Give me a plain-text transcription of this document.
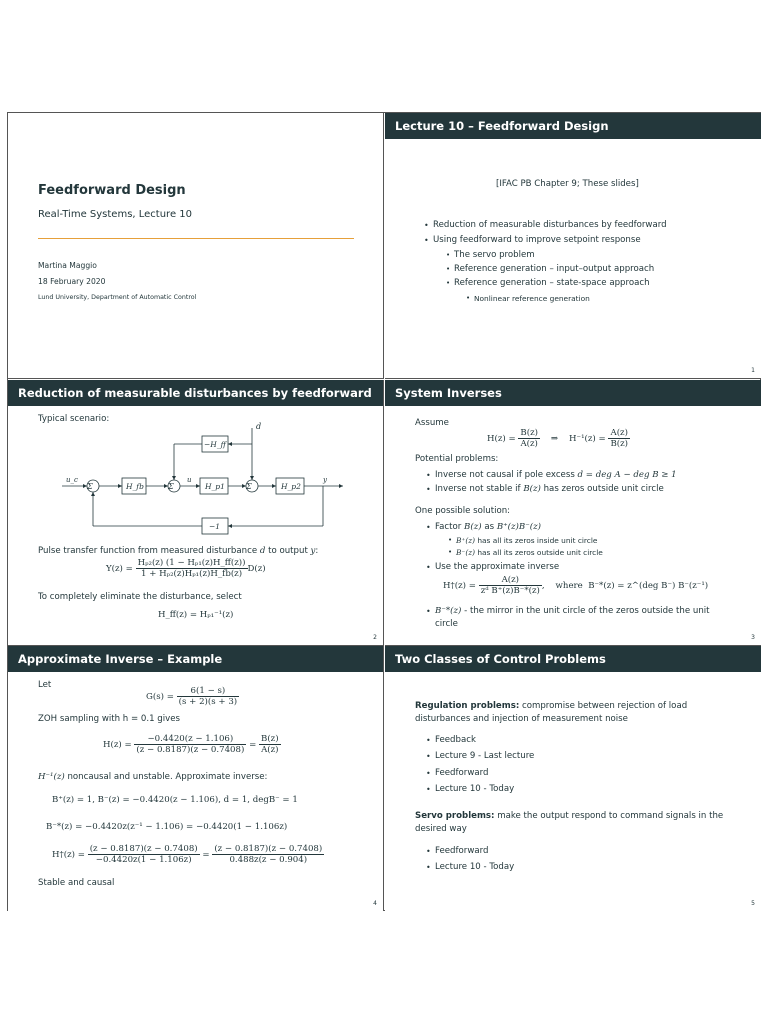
Feedforward Design
Real-Time Systems, Lecture 10
Martina Maggio
18 February 2020
Lund University, Department of Automatic Control
Lecture 10 – Feedforward Design
[IFAC PB Chapter 9; These slides]
• Reduction of measurable disturbances by feedforward
• Using feedforward to improve setpoint response
• The servo problem
• Reference generation – input–output approach
• Reference generation – state-space approach
• Nonlinear reference generation
1
Reduction of measurable disturbances by feedforward
Typical scenario:
Σ	Σ	Σ
H_fb	H_p1	H_p2
−H_ff
−1
d
u_c	u	y
Pulse transfer function from measured disturbance d to output y:
$Y(z) = \frac{\text{Hₚ₂(z) (1 − Hₚ₁(z)H\_ff(z))}}{\text{1 + Hₚ₂(z)Hₚ₁(z)H\_fb(z)}} D(z)$
To completely eliminate the disturbance, select
H_ff(z) = Hₚ₁⁻¹(z)
2
System Inverses
Assume
$H(z) = \frac{B(z)}{A(z)}$ ⇒ $H^{-1}(z) = \frac{A(z)}{B(z)}$
Potential problems:
• Inverse not causal if pole excess d = deg A − deg B ≥ 1
• Inverse not stable if B(z) has zeros outside unit circle
One possible solution:
• Factor B(z) as B⁺(z)B⁻(z)
• B⁺(z) has all its zeros inside unit circle
• B⁻(z) has all its zeros outside unit circle
• Use the approximate inverse
H†(z) = $\frac{A(z)}{\text{zᵈ B⁺(z)B⁻*(z)}}$ ,    where B⁻*(z) = z^(deg B⁻) B⁻(z⁻¹)
• B⁻*(z) - the mirror in the unit circle of the zeros outside the unit
circle
3
Approximate Inverse – Example
Let
$G(s) = \frac{6(1 - s)}{(s + 2)(s + 3)}$
ZOH sampling with h = 0.1 gives
$H(z) = \frac{-0.4420(z - 1.106)}{(z - 0.8187)(z - 0.7408)} = \frac{B(z)}{A(z)}$
H⁻¹(z) noncausal and unstable. Approximate inverse:
B⁺(z) = 1, B⁻(z) = −0.4420(z − 1.106), d = 1, degB⁻ = 1
B⁻*(z) = −0.4420z(z⁻¹ − 1.106) = −0.4420(1 − 1.106z)
H†(z) = $\frac{(z - 0.8187)(z - 0.7408)}{-0.4420z(1 - 1.106z)} = \frac{(z - 0.8187)(z - 0.7408)}{0.488z(z - 0.904)}$
Stable and causal
4
Two Classes of Control Problems
Regulation problems: compromise between rejection of load
disturbances and injection of measurement noise
• Feedback
• Lecture 9 - Last lecture
• Feedforward
• Lecture 10 - Today
Servo problems: make the output respond to command signals in the
desired way
• Feedforward
• Lecture 10 - Today
5
